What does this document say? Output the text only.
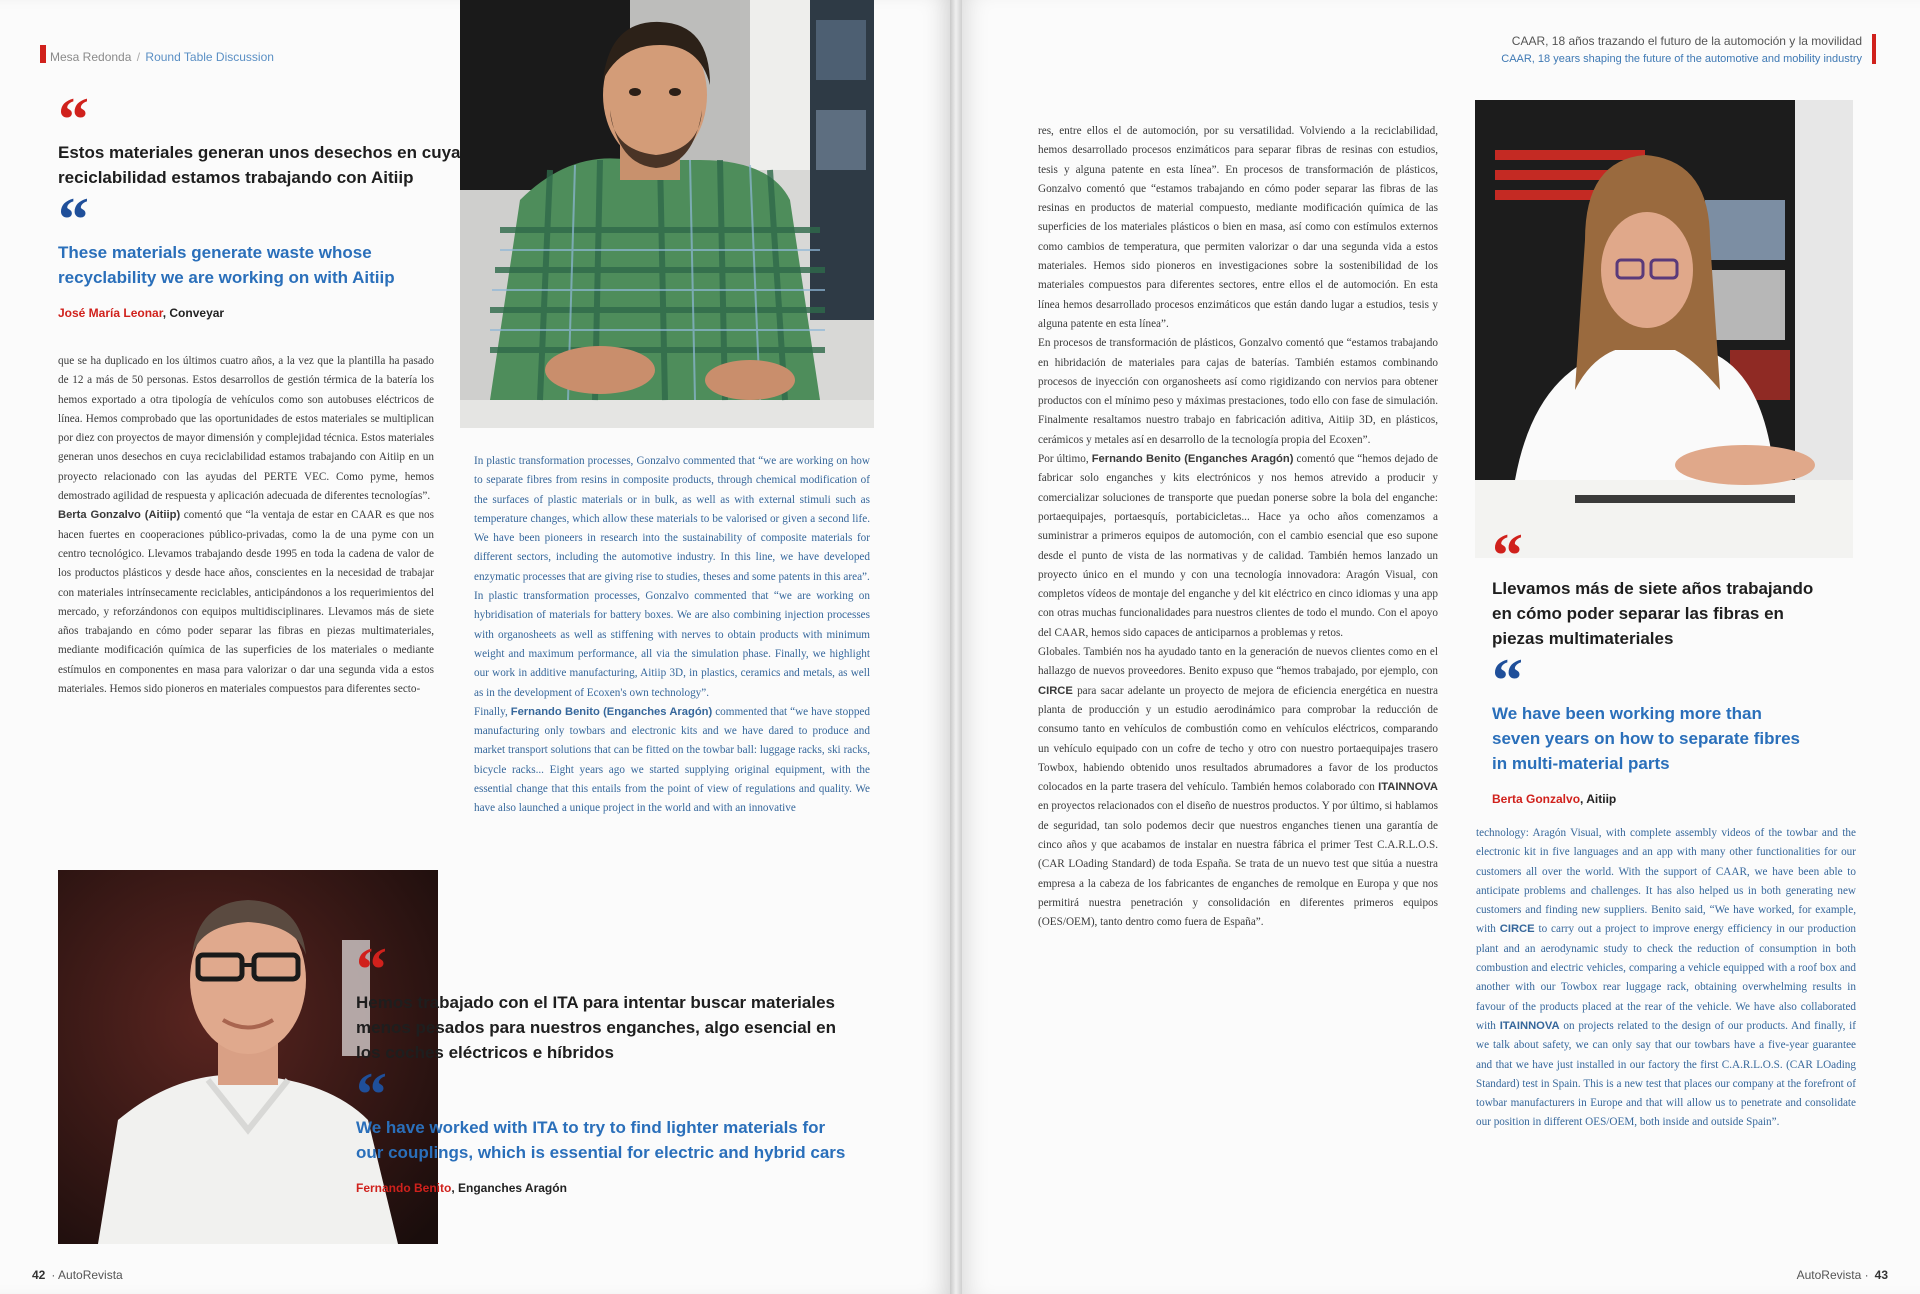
Mesa Redonda / Round Table Discussion
“
Estos materiales generan unos desechos en cuya reciclabilidad estamos trabajando con Aitiip
“
These materials generate waste whose recyclability we are working on with Aitiip
José María Leonar, Conveyar

que se ha duplicado en los últimos cuatro años, a la vez que la plantilla ha pasado de 12 a más de 50 personas. Estos desarrollos de gestión térmica de la batería los hemos exportado a otra tipología de vehículos como son autobuses eléctricos de línea. Hemos comprobado que las oportunidades de estos materiales se multiplican por diez con proyectos de mayor dimensión y complejidad técnica. Estos materiales generan unos desechos en cuya reciclabilidad estamos trabajando con Aitiip en un proyecto relacionado con las ayudas del PERTE VEC. Como pyme, hemos demostrado agilidad de respuesta y aplicación adecuada de diferentes tecnologías”.

Berta Gonzalvo (Aitiip) comentó que “la ventaja de estar en CAAR es que nos hacen fuertes en cooperaciones público-privadas, como la de una pyme con un centro tecnológico. Llevamos trabajando desde 1995 en toda la cadena de valor de los productos plásticos y desde hace años, conscientes en la necesidad de trabajar con materiales intrínsecamente reciclables, anticipándonos a los requerimientos del mercado, y reforzándonos con equipos multidisciplinares. Llevamos más de siete años trabajando en cómo poder separar las fibras en piezas multimateriales, mediante modificación química de las superficies de los materiales o mediante estímulos en componentes en masa para valorizar o dar una segunda vida a estos materiales. Hemos sido pioneros en materiales compuestos para diferentes secto-

In plastic transformation processes, Gonzalvo commented that “we are working on how to separate fibres from resins in composite products, through chemical modification of the surfaces of plastic materials or in bulk, as well as with external stimuli such as temperature changes, which allow these materials to be valorised or given a second life. We have been pioneers in research into the sustainability of composite materials for different sectors, including the automotive industry. In this line, we have developed enzymatic processes that are giving rise to studies, theses and some patents in this area”.

In plastic transformation processes, Gonzalvo commented that “we are working on hybridisation of materials for battery boxes. We are also combining injection processes with organosheets as well as stiffening with nerves to obtain products with minimum weight and maximum performance, all via the simulation phase. Finally, we highlight our work in additive manufacturing, Aitiip 3D, in plastics, ceramics and metals, as well as in the development of Ecoxen's own technology”.

Finally, Fernando Benito (Enganches Aragón) commented that “we have stopped manufacturing only towbars and electronic kits and we have dared to produce and market transport solutions that can be fitted on the towbar ball: luggage racks, ski racks, bicycle racks... Eight years ago we started supplying original equipment, with the essential change that this entails from the point of view of regulations and quality. We have also launched a unique project in the world and with an innovative

“
Hemos trabajado con el ITA para intentar buscar materiales menos pesados para nuestros enganches, algo esencial en los coches eléctricos e híbridos
“
We have worked with ITA to try to find lighter materials for our couplings, which is essential for electric and hybrid cars
Fernando Benito, Enganches Aragón
42 · AutoRevista
CAAR, 18 años trazando el futuro de la automoción y la movilidad
CAAR, 18 years shaping the future of the automotive and mobility industry

res, entre ellos el de automoción, por su versatilidad. Volviendo a la reciclabilidad, hemos desarrollado procesos enzimáticos para separar fibras de resinas con estudios, tesis y alguna patente en esta línea”. En procesos de transformación de plásticos, Gonzalvo comentó que “estamos trabajando en cómo poder separar las fibras de las resinas en productos de material compuesto, mediante modificación química de las superficies de los materiales plásticos o bien en masa, así como con estímulos externos como cambios de temperatura, que permiten valorizar o dar una segunda vida a estos materiales. Hemos sido pioneros en investigaciones sobre la sostenibilidad de los materiales compuestos para diferentes sectores, entre ellos el de automoción. En esta línea hemos desarrollado procesos enzimáticos que están dando lugar a estudios, tesis y alguna patente en esta línea”.

En procesos de transformación de plásticos, Gonzalvo comentó que “estamos trabajando en hibridación de materiales para cajas de baterías. También estamos combinando procesos de inyección con organosheets así como rigidizando con nervios para obtener productos con el mínimo peso y máximas prestaciones, todo ello con fase de simulación. Finalmente resaltamos nuestro trabajo en fabricación aditiva, Aitiip 3D, en plásticos, cerámicos y metales así en desarrollo de la tecnología propia del Ecoxen”.

Por último, Fernando Benito (Enganches Aragón) comentó que “hemos dejado de fabricar solo enganches y kits electrónicos y nos hemos atrevido a producir y comercializar soluciones de transporte que puedan ponerse sobre la bola del enganche: portaequipajes, portaesquís, portabicicletas... Hace ya ocho años comenzamos a suministrar a primeros equipos de automoción, con el cambio esencial que eso supone desde el punto de vista de las normativas y de calidad. También hemos lanzado un proyecto único en el mundo y con una tecnología innovadora: Aragón Visual, con completos vídeos de montaje del enganche y del kit eléctrico en cinco idiomas y una app con otras muchas funcionalidades para nuestros clientes de todo el mundo. Con el apoyo del CAAR, hemos sido capaces de anticiparnos a problemas y retos.

Globales. También nos ha ayudado tanto en la generación de nuevos clientes como en el hallazgo de nuevos proveedores. Benito expuso que “hemos trabajado, por ejemplo, con CIRCE para sacar adelante un proyecto de mejora de eficiencia energética en nuestra planta de producción y un estudio aerodinámico para comprobar la reducción de consumo tanto en vehículos de combustión como en vehículos eléctricos, comparando un vehículo equipado con un cofre de techo y otro con nuestro portaequipajes trasero Towbox, habiendo obtenido unos resultados abrumadores a favor de los productos colocados en la parte trasera del vehículo. También hemos colaborado con ITAINNOVA en proyectos relacionados con el diseño de nuestros productos. Y por último, si hablamos de seguridad, tan solo podemos decir que nuestros enganches tienen una garantía de cinco años y que acabamos de instalar en nuestra fábrica el primer Test C.A.R.L.O.S. (CAR LOading Standard) de toda España. Se trata de un nuevo test que sitúa a nuestra empresa a la cabeza de los fabricantes de enganches de remolque en Europa y que nos permitirá nuestra penetración y consolidación en diferentes primeros equipos (OES/OEM), tanto dentro como fuera de España”.

“
Llevamos más de siete años trabajando en cómo poder separar las fibras en piezas multimateriales
“
We have been working more than seven years on how to separate fibres in multi-material parts
Berta Gonzalvo, Aitiip

technology: Aragón Visual, with complete assembly videos of the towbar and the electronic kit in five languages and an app with many other functionalities for our customers all over the world. With the support of CAAR, we have been able to anticipate problems and challenges. It has also helped us in both generating new customers and finding new suppliers. Benito said, “We have worked, for example, with CIRCE to carry out a project to improve energy efficiency in our production plant and an aerodynamic study to check the reduction of consumption in both combustion and electric vehicles, comparing a vehicle equipped with a roof box and another with our Towbox rear luggage rack, obtaining overwhelming results in favour of the products placed at the rear of the vehicle. We have also collaborated with ITAINNOVA on projects related to the design of our products. And finally, if we talk about safety, we can only say that our towbars have a five-year guarantee and that we have just installed in our factory the first C.A.R.L.O.S. (CAR LOading Standard) test in Spain. This is a new test that places our company at the forefront of towbar manufacturers in Europe and that will allow us to penetrate and consolidate our position in different OES/OEM, both inside and outside Spain”.

AutoRevista · 43
